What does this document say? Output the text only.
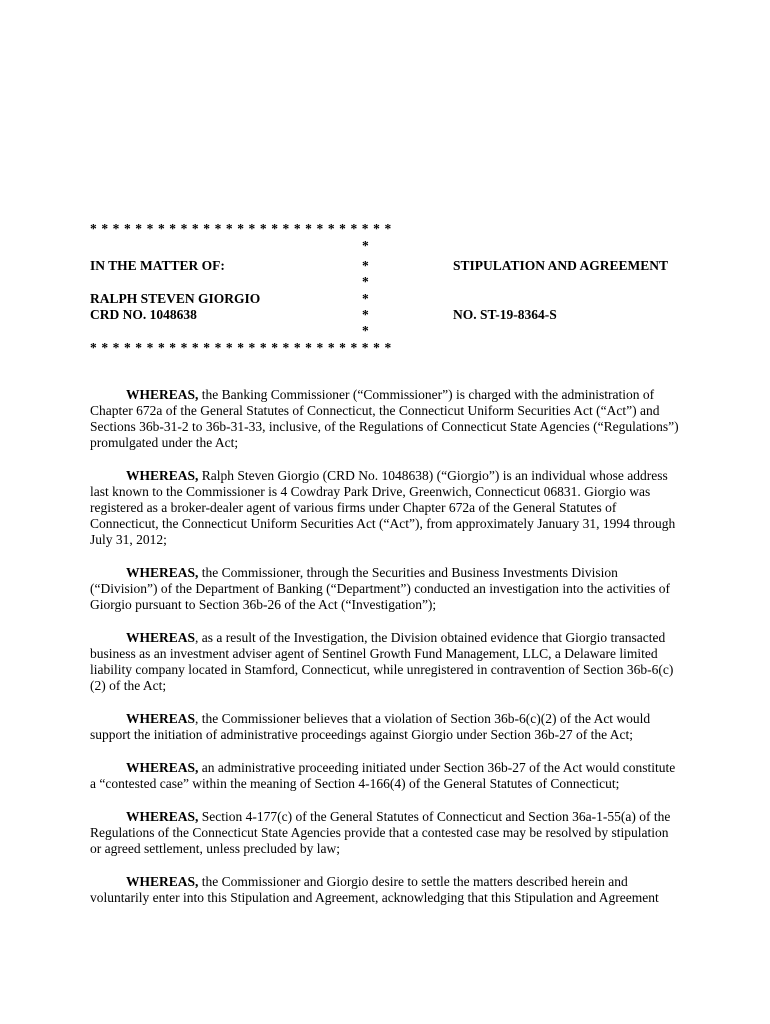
* * * * * * * * * * * * * * * * * * * * * * * * * * *
*
IN THE MATTER OF:	*	STIPULATION AND AGREEMENT
*
RALPH STEVEN GIORGIO	*
CRD NO. 1048638	*	NO. ST-19-8364-S
*
* * * * * * * * * * * * * * * * * * * * * * * * * * *

WHEREAS, the Banking Commissioner (“Commissioner”) is charged with the administration of Chapter 672a of the General Statutes of Connecticut, the Connecticut Uniform Securities Act (“Act”) and Sections 36b-31-2 to 36b-31-33, inclusive, of the Regulations of Connecticut State Agencies (“Regulations”) promulgated under the Act;

WHEREAS, Ralph Steven Giorgio (CRD No. 1048638) (“Giorgio”) is an individual whose address last known to the Commissioner is 4 Cowdray Park Drive, Greenwich, Connecticut 06831. Giorgio was registered as a broker-dealer agent of various firms under Chapter 672a of the General Statutes of Connecticut, the Connecticut Uniform Securities Act (“Act”), from approximately January 31, 1994 through July 31, 2012;

WHEREAS, the Commissioner, through the Securities and Business Investments Division (“Division”) of the Department of Banking (“Department”) conducted an investigation into the activities of Giorgio pursuant to Section 36b-26 of the Act (“Investigation”);

WHEREAS, as a result of the Investigation, the Division obtained evidence that Giorgio transacted business as an investment adviser agent of Sentinel Growth Fund Management, LLC, a Delaware limited liability company located in Stamford, Connecticut, while unregistered in contravention of Section 36b-6(c)(2) of the Act;

WHEREAS, the Commissioner believes that a violation of Section 36b-6(c)(2) of the Act would support the initiation of administrative proceedings against Giorgio under Section 36b-27 of the Act;

WHEREAS, an administrative proceeding initiated under Section 36b-27 of the Act would constitute a “contested case” within the meaning of Section 4-166(4) of the General Statutes of Connecticut;

WHEREAS, Section 4-177(c) of the General Statutes of Connecticut and Section 36a-1-55(a) of the Regulations of the Connecticut State Agencies provide that a contested case may be resolved by stipulation or agreed settlement, unless precluded by law;

WHEREAS, the Commissioner and Giorgio desire to settle the matters described herein and voluntarily enter into this Stipulation and Agreement, acknowledging that this Stipulation and Agreement
